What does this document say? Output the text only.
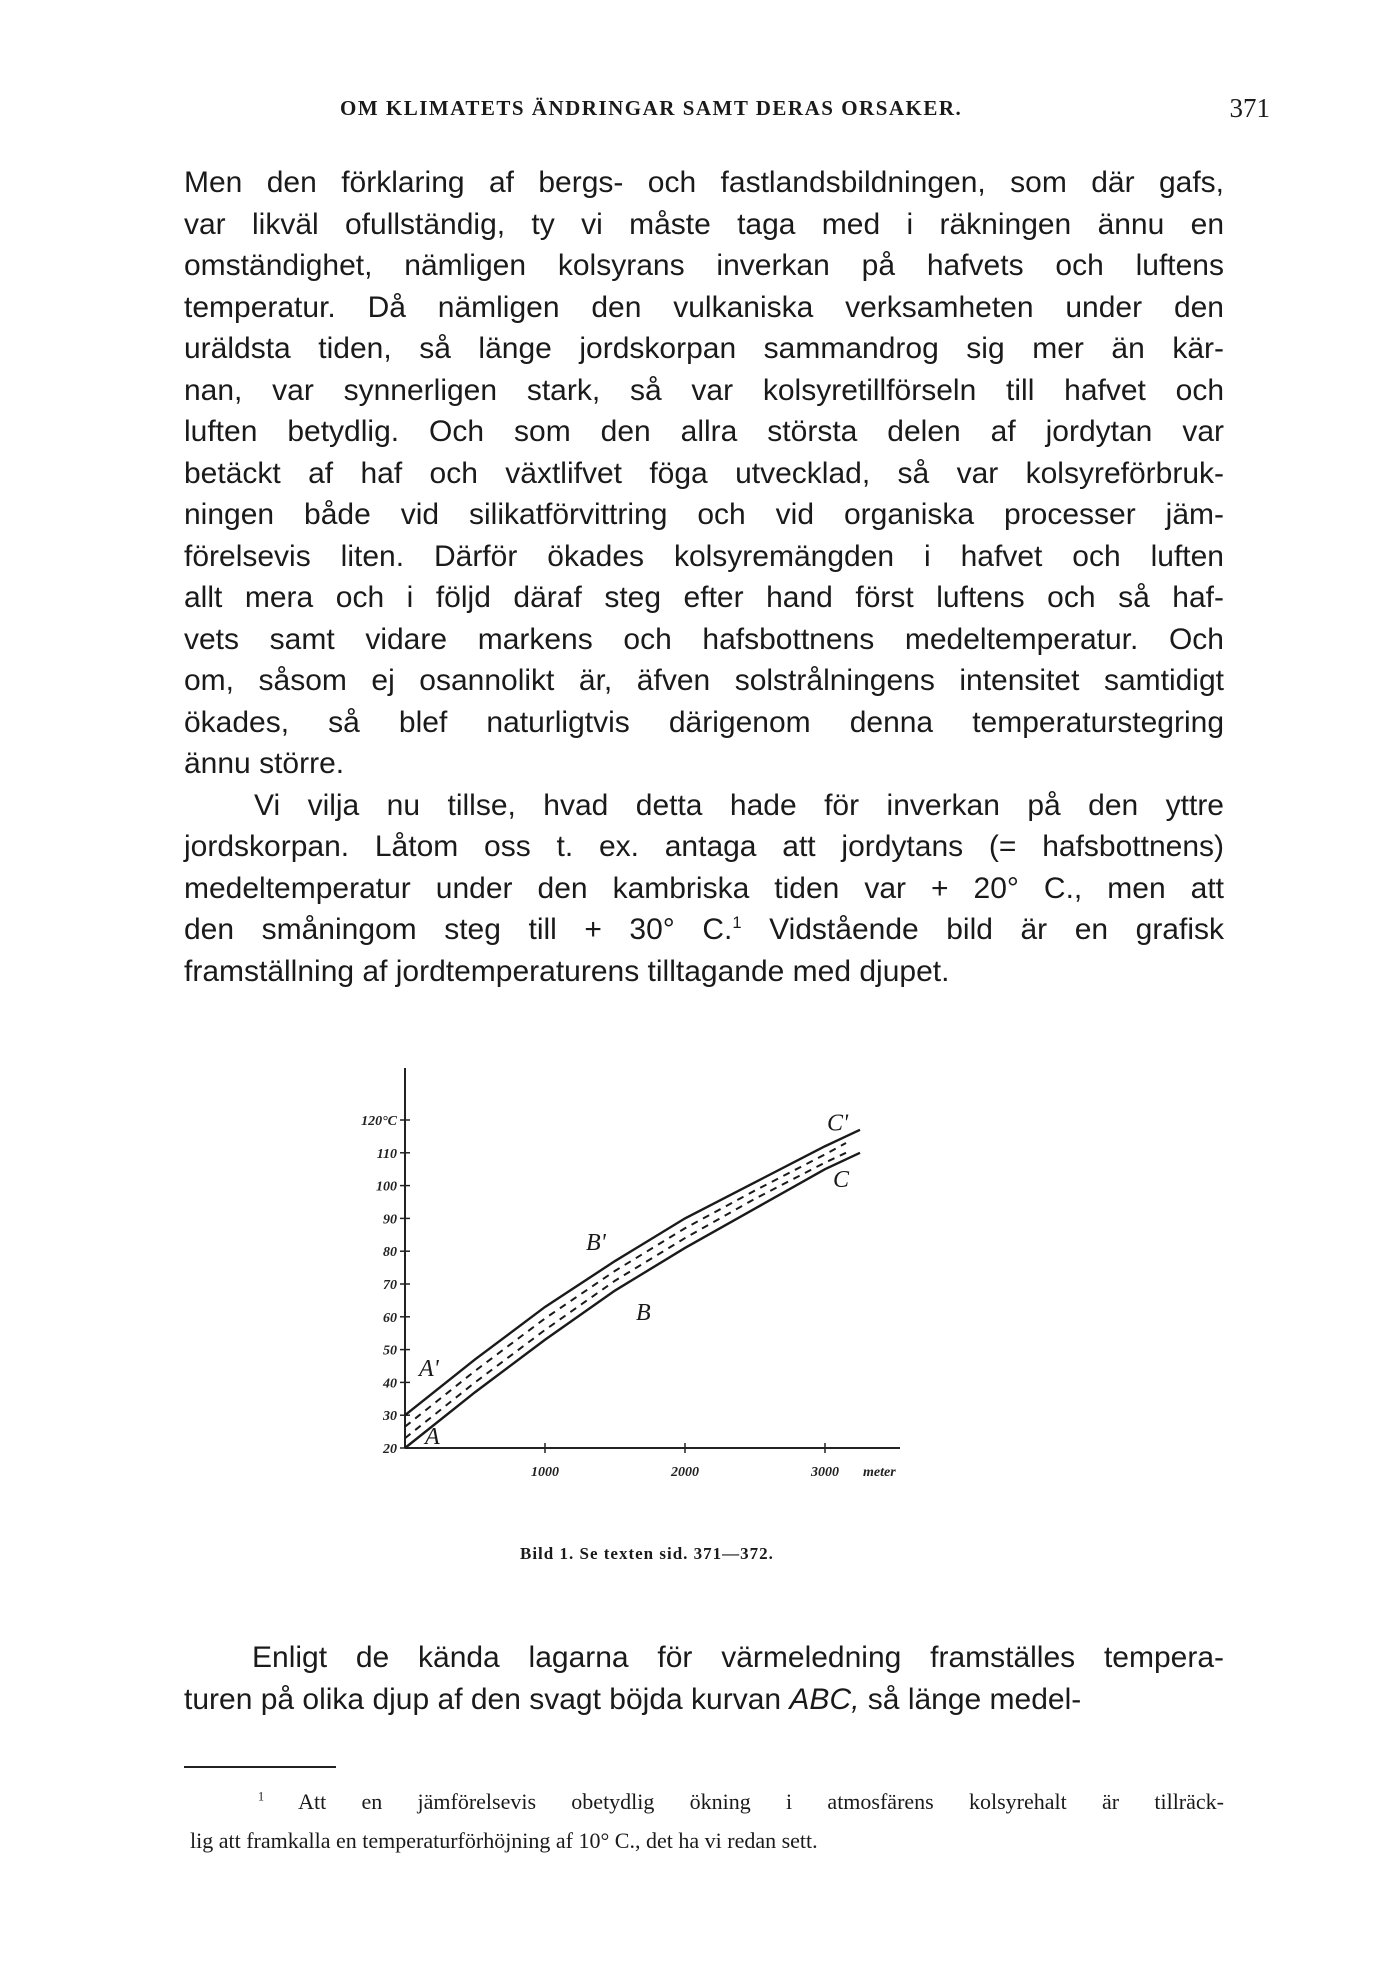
OM KLIMATETS ÄNDRINGAR SAMT DERAS ORSAKER.	371
Men den förklaring af bergs- och fastlandsbildningen, som där gafs,
var likväl ofullständig, ty vi måste taga med i räkningen ännu en
omständighet, nämligen kolsyrans inverkan på hafvets och luftens
temperatur. Då nämligen den vulkaniska verksamheten under den
uräldsta tiden, så länge jordskorpan sammandrog sig mer än kär-
nan, var synnerligen stark, så var kolsyretillförseln till hafvet och
luften betydlig. Och som den allra största delen af jordytan var
betäckt af haf och växtlifvet föga utvecklad, så var kolsyreförbruk-
ningen både vid silikatförvittring och vid organiska processer jäm-
förelsevis liten. Därför ökades kolsyremängden i hafvet och luften
allt mera och i följd däraf steg efter hand först luftens och så haf-
vets samt vidare markens och hafsbottnens medeltemperatur. Och
om, såsom ej osannolikt är, äfven solstrålningens intensitet samtidigt
ökades, så blef naturligtvis därigenom denna temperaturstegring
ännu större.
Vi vilja nu tillse, hvad detta hade för inverkan på den yttre
jordskorpan. Låtom oss t. ex. antaga att jordytans (= hafsbottnens)
medeltemperatur under den kambriska tiden var + 20° C., men att
den småningom steg till + 30° C.$^1$ Vidstående bild är en grafisk
framställning af jordtemperaturens tilltagande med djupet.
20
30
40
50
60
70
80
90
100
110
120°C
1000	2000	3000 meter
A
A'
B
B'
C
C'
Bild 1. Se texten sid. 371—372.
Enligt de kända lagarna för värmeledning framställes tempera-
turen på olika djup af den svagt böjda kurvan ABC, så länge medel-
$^1$ Att en jämförelsevis obetydlig ökning i atmosfärens kolsyrehalt är tillräck-
lig att framkalla en temperaturförhöjning af 10° C., det ha vi redan sett.
